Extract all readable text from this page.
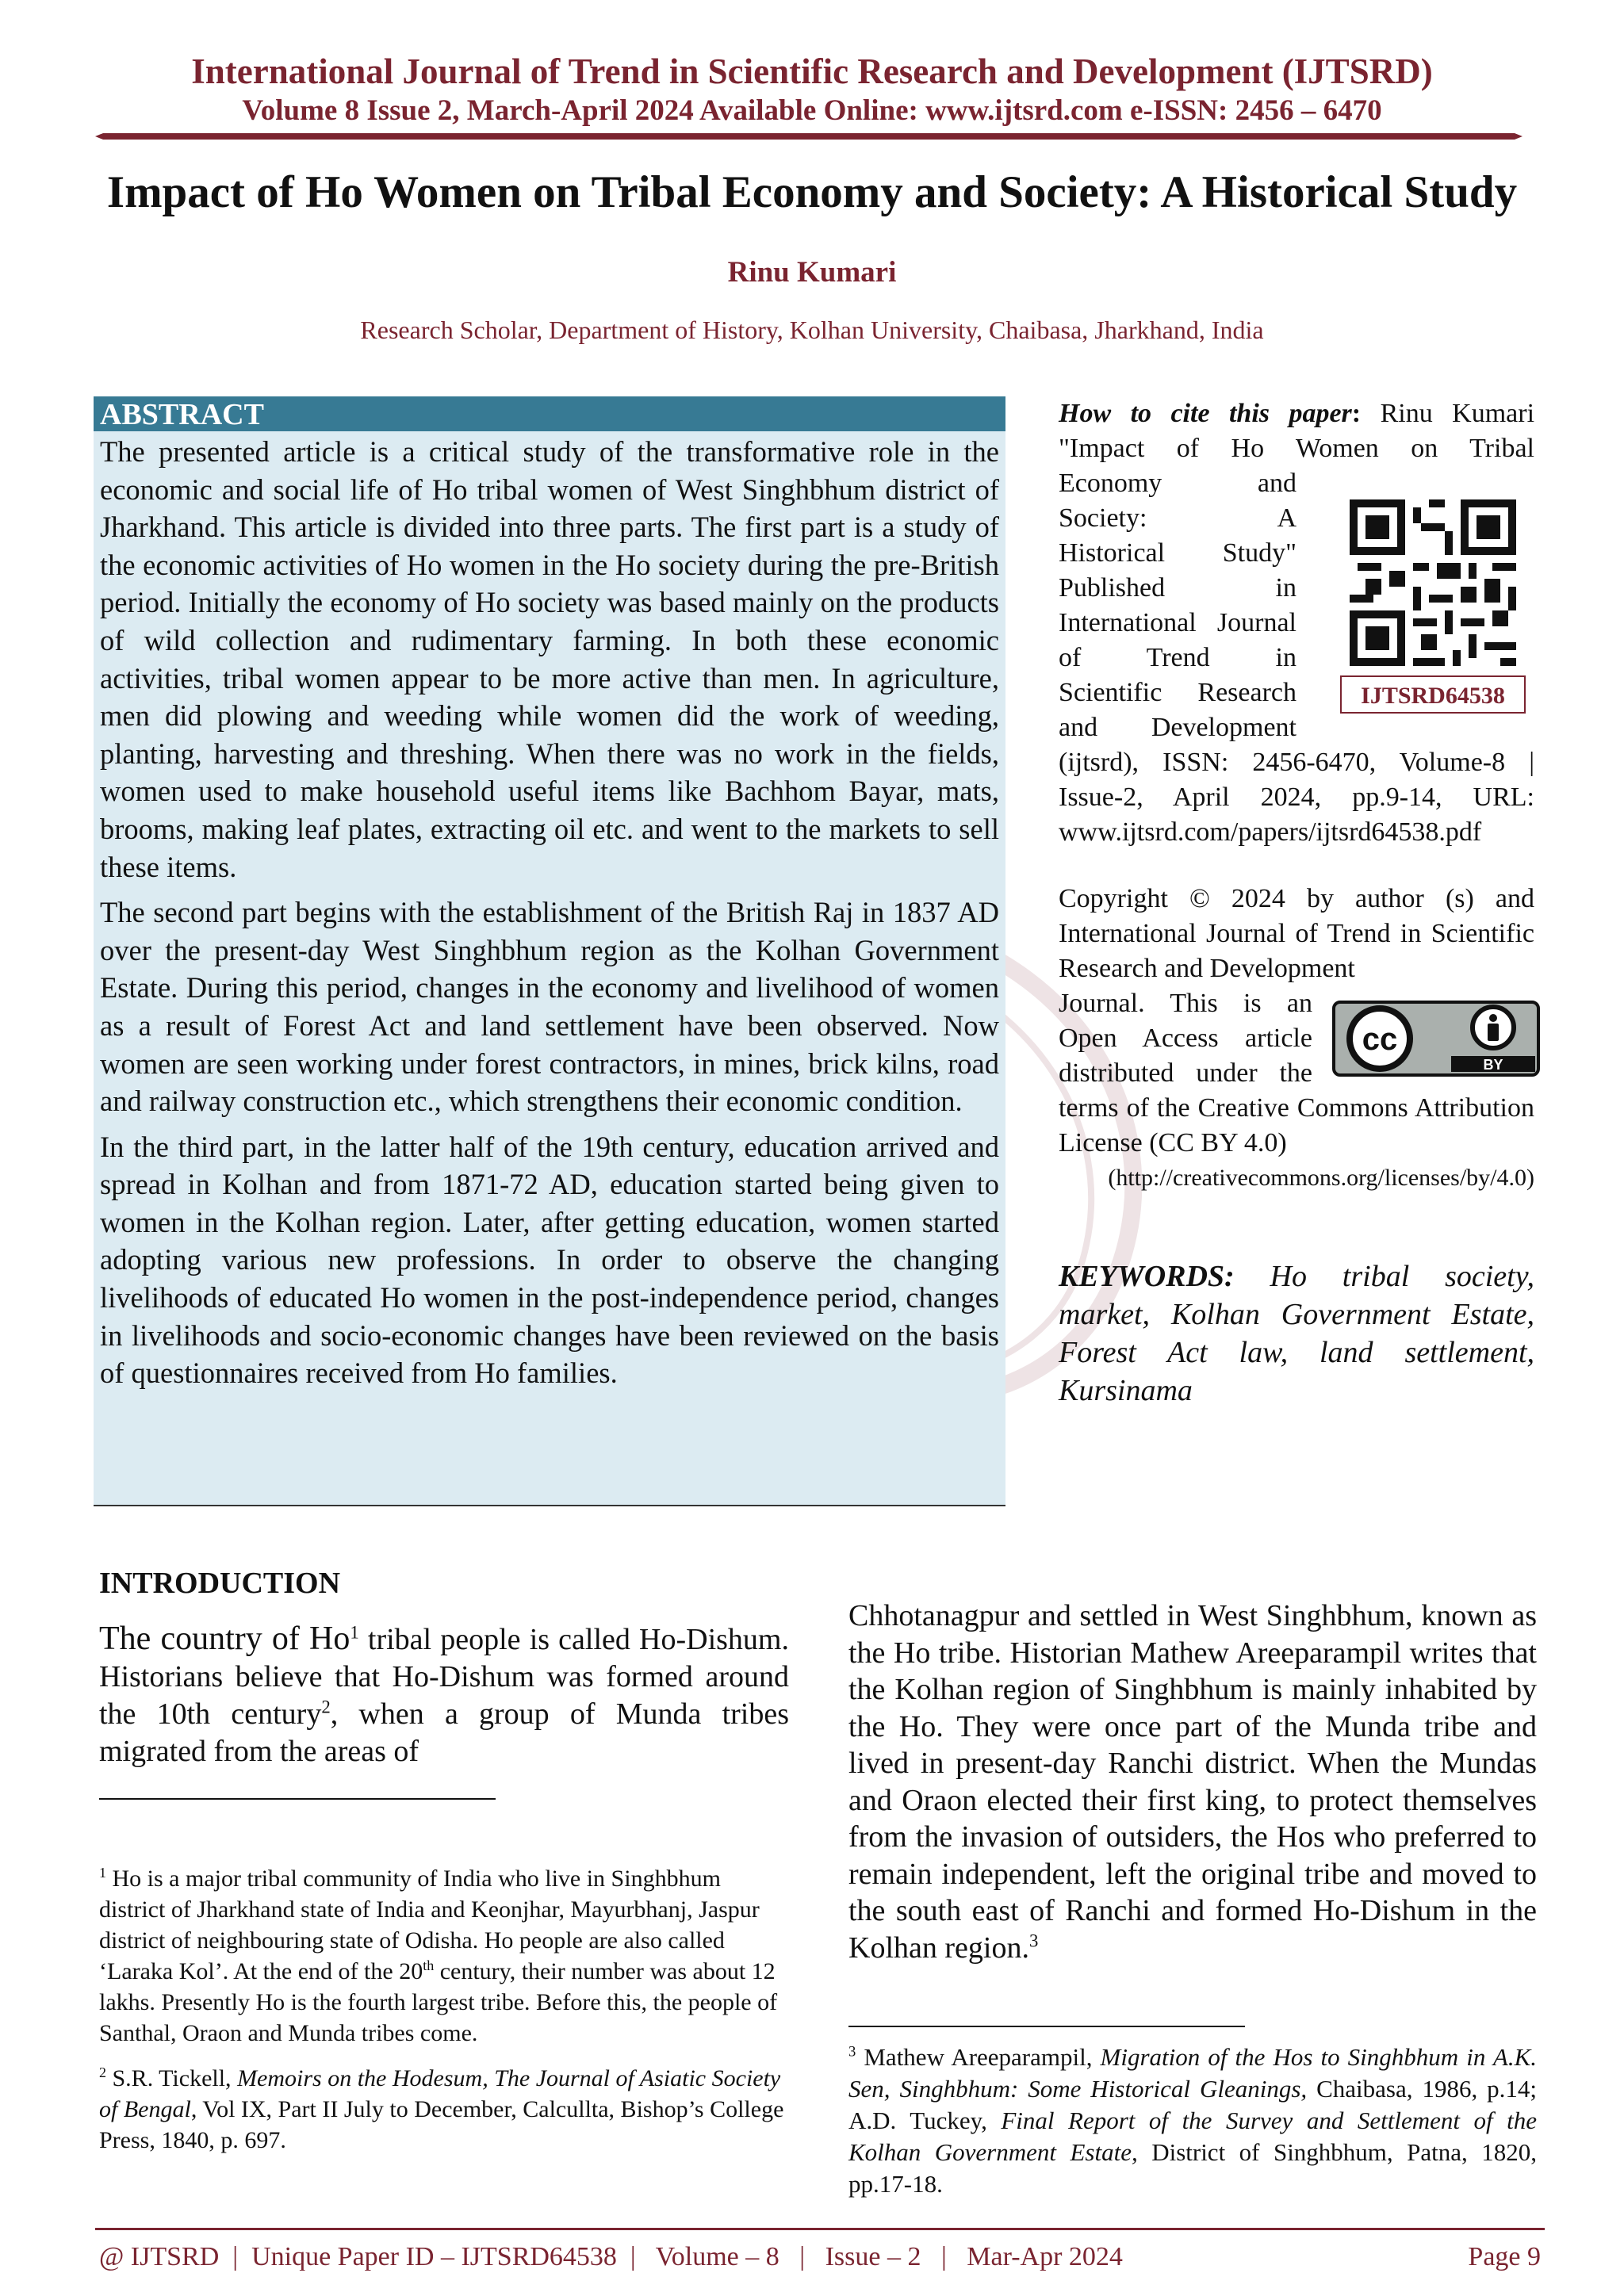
International Journal of Trend in Scientific Research and Development (IJTSRD)
Volume 8 Issue 2, March-April 2024 Available Online: www.ijtsrd.com e-ISSN: 2456 – 6470
Impact of Ho Women on Tribal Economy and Society: A Historical Study
Rinu Kumari
Research Scholar, Department of History, Kolhan University, Chaibasa, Jharkhand, India
ABSTRACT

The presented article is a critical study of the transformative role in the economic and social life of Ho tribal women of West Singhbhum district of Jharkhand. This article is divided into three parts. The first part is a study of the economic activities of Ho women in the Ho society during the pre-British period. Initially the economy of Ho society was based mainly on the products of wild collection and rudimentary farming. In both these economic activities, tribal women appear to be more active than men. In agriculture, men did plowing and weeding while women did the work of weeding, planting, harvesting and threshing. When there was no work in the fields, women used to make household useful items like Bachhom Bayar, mats, brooms, making leaf plates, extracting oil etc. and went to the markets to sell these items.

The second part begins with the establishment of the British Raj in 1837 AD over the present-day West Singhbhum region as the Kolhan Government Estate. During this period, changes in the economy and livelihood of women as a result of Forest Act and land settlement have been observed. Now women are seen working under forest contractors, in mines, brick kilns, road and railway construction etc., which strengthens their economic condition.

In the third part, in the latter half of the 19th century, education arrived and spread in Kolhan and from 1871-72 AD, education started being given to women in the Kolhan region. Later, after getting education, women started adopting various new professions. In order to observe the changing livelihoods of educated Ho women in the post-independence period, changes in livelihoods and socio-economic changes have been reviewed on the basis of questionnaires received from Ho families.

How to cite this paper: Rinu Kumari

"Impact of Ho Women on Tribal

Economy and

Society: A

Historical Study"

Published in

International Journal

of Trend in

Scientific Research

and Development

(ijtsrd), ISSN: 2456-6470, Volume-8 | Issue-2, April 2024, pp.9-14, URL: www.ijtsrd.com/papers/ijtsrd64538.pdf

IJTSRD64538
Copyright © 2024 by author (s) and International Journal of Trend in Scientific Research and Development
Journal. This is an
Open Access article
distributed under the
terms of the Creative Commons Attribution License (CC BY 4.0)
(http://creativecommons.org/licenses/by/4.0)
cc
BY
KEYWORDS: Ho tribal society, market, Kolhan Government Estate, Forest Act law, land settlement, Kursinama
INTRODUCTION
The country of Ho$^1$ tribal people is called Ho-Dishum. Historians believe that Ho-Dishum was formed around the 10th century$^2$, when a group of Munda tribes migrated from the areas of

$^1$ Ho is a major tribal community of India who live in Singhbhum district of Jharkhand state of India and Keonjhar, Mayurbhanj, Jaspur district of neighbouring state of Odisha. Ho people are also called ‘Laraka Kol’. At the end of the 20th century, their number was about 12 lakhs. Presently Ho is the fourth largest tribe. Before this, the people of Santhal, Oraon and Munda tribes come.

$^2$ S.R. Tickell, Memoirs on the Hodesum, The Journal of Asiatic Society of Bengal, Vol IX, Part II July to December, Calcullta, Bishop’s College Press, 1840, p. 697.

Chhotanagpur and settled in West Singhbhum, known as the Ho tribe. Historian Mathew Areeparampil writes that the Kolhan region of Singhbhum is mainly inhabited by the Ho. They were once part of the Munda tribe and lived in present-day Ranchi district. When the Mundas and Oraon elected their first king, to protect themselves from the invasion of outsiders, the Hos who preferred to remain independent, left the original tribe and moved to the south east of Ranchi and formed Ho-Dishum in the Kolhan region.$^3$
$^3$ Mathew Areeparampil, Migration of the Hos to Singhbhum in A.K. Sen, Singhbhum: Some Historical Gleanings, Chaibasa, 1986, p.14; A.D. Tuckey, Final Report of the Survey and Settlement of the Kolhan Government Estate, District of Singhbhum, Patna, 1820, pp.17-18.
@ IJTSRD  |  Unique Paper ID – IJTSRD64538  |   Volume – 8   |   Issue – 2   |   Mar-Apr 2024	Page 9
